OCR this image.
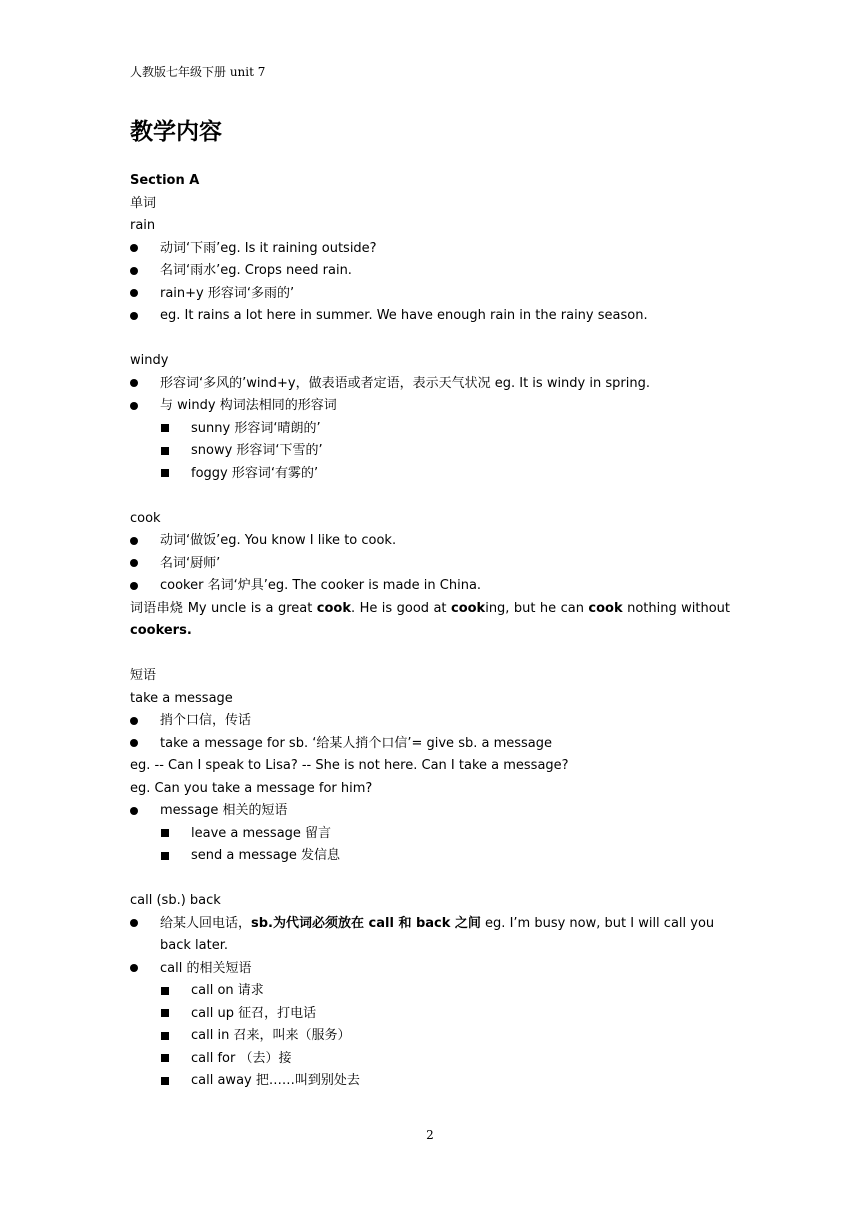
人教版七年级下册 unit 7
教学内容
Section A
单词
rain
动词‘下雨’eg. Is it raining outside?
名词‘雨水’eg. Crops need rain.
rain+y 形容词‘多雨的’
eg. It rains a lot here in summer. We have enough rain in the rainy season.
windy
形容词‘多风的’wind+y，做表语或者定语，表示天气状况 eg. It is windy in spring.
与 windy 构词法相同的形容词
sunny 形容词‘晴朗的’
snowy 形容词‘下雪的’
foggy 形容词‘有雾的’
cook
动词‘做饭’eg. You know I like to cook.
名词‘厨师’
cooker 名词‘炉具’eg. The cooker is made in China.
词语串烧 My uncle is a great cook. He is good at cooking, but he can cook nothing without
cookers.
短语
take a message
捎个口信，传话
take a message for sb. ‘给某人捎个口信’= give sb. a message
eg. -- Can I speak to Lisa? -- She is not here. Can I take a message?
eg. Can you take a message for him?
message 相关的短语
leave a message 留言
send a message 发信息
call (sb.) back
给某人回电话，sb.为代词必须放在 call 和 back 之间 eg. I’m busy now, but I will call you back later.
call 的相关短语
call on 请求
call up 征召，打电话
call in 召来，叫来（服务）
call for （去）接
call away 把……叫到别处去
2
